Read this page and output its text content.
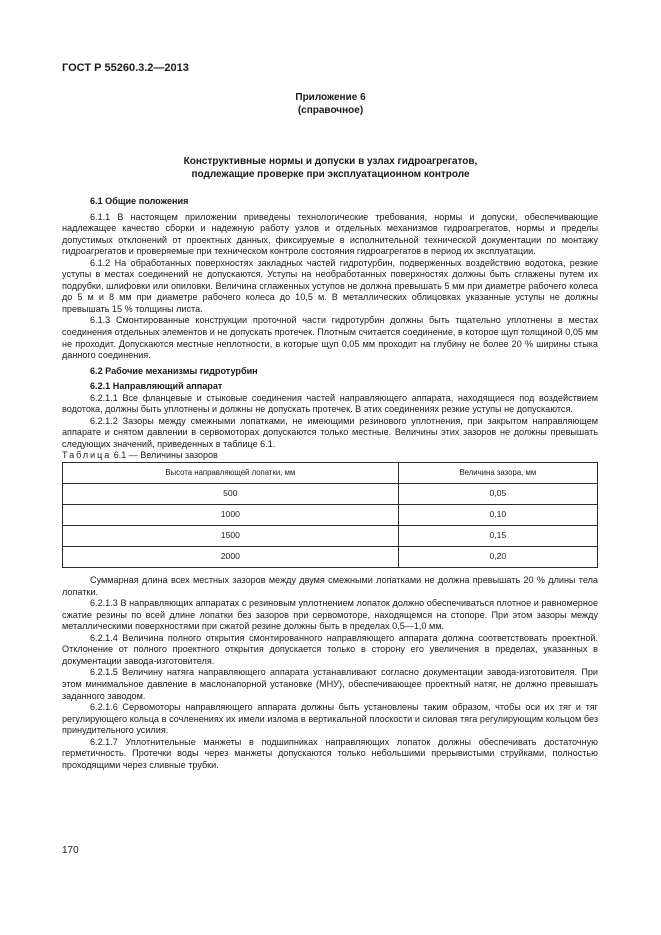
ГОСТ Р 55260.3.2—2013
Приложение 6
(справочное)
Конструктивные нормы и допуски в узлах гидроагрегатов,
подлежащие проверке при эксплуатационном контроле

6.1 Общие положения

6.1.1 В настоящем приложении приведены технологические требования, нормы и допуски, обеспечивающие надлежащее качество сборки и надежную работу узлов и отдельных механизмов гидроагрегатов, нормы и пределы допустимых отклонений от проектных данных, фиксируемые в исполнительной технической документации по монтажу гидроагрегатов и проверяемые при техническом контроле состояния гидроагрегатов в период их эксплуатации.

6.1.2 На обработанных поверхностях закладных частей гидротурбин, подверженных воздействию водотока, резкие уступы в местах соединений не допускаются. Уступы на необработанных поверхностях должны быть сглажены путем их подрубки, шлифовки или опиловки. Величина сглаженных уступов не должна превышать 5 мм при диаметре рабочего колеса до 5 м и 8 мм при диаметре рабочего колеса до 10,5 м. В металлических облицовках указанные уступы не должны превышать 15 % толщины листа.

6.1.3 Смонтированные конструкции проточной части гидротурбин должны быть тщательно уплотнены в местах соединения отдельных элементов и не допускать протечек. Плотным считается соединение, в которое щуп толщиной 0,05 мм не проходит. Допускаются местные неплотности, в которые щуп 0,05 мм проходит на глубину не более 20 % ширины стыка данного соединения.

6.2 Рабочие механизмы гидротурбин

6.2.1 Направляющий аппарат

6.2.1.1 Все фланцевые и стыковые соединения частей направляющего аппарата, находящиеся под воздействием водотока, должны быть уплотнены и должны не допускать протечек. В этих соединениях резкие уступы не допускаются.

6.2.1.2 Зазоры между смежными лопатками, не имеющими резинового уплотнения, при закрытом направляющем аппарате и снятом давлении в сервомоторах допускаются только местные. Величины этих зазоров не должны превышать следующих значений, приведенных в таблице 6.1.

Таблица 6.1 — Величины зазоров

Высота направляющей лопатки, мм	Величина зазора, мм
500	0,05
1000	0,10
1500	0,15
2000	0,20

Суммарная длина всех местных зазоров между двумя смежными лопатками не должна превышать 20 % длины тела лопатки.

6.2.1.3 В направляющих аппаратах с резиновым уплотнением лопаток должно обеспечиваться плотное и равномерное сжатие резины по всей длине лопатки без зазоров при сервомоторе, находящемся на стопоре. При этом зазоры между металлическими поверхностями при сжатой резине должны быть в пределах 0,5—1,0 мм.

6.2.1.4 Величина полного открытия смонтированного направляющего аппарата должна соответствовать проектной. Отклонение от полного проектного открытия допускается только в сторону его увеличения в пределах, указанных в документации завода-изготовителя.

6.2.1.5 Величину натяга направляющего аппарата устанавливают согласно документации завода-изготовителя. При этом минимальное давление в маслонапорной установке (МНУ), обеспечивающее проектный натяг, не должно превышать заданного заводом.

6.2.1.6 Сервомоторы направляющего аппарата должны быть установлены таким образом, чтобы оси их тяг и тяг регулирующего кольца в сочленениях их имели излома в вертикальной плоскости и силовая тяга регулирующим кольцом без принудительного усилия.

6.2.1.7 Уплотнительные манжеты в подшипниках направляющих лопаток должны обеспечивать достаточную герметичность. Протечки воды через манжеты допускаются только небольшими прерывистыми струйками, полностью проходящими через сливные трубки.

170
